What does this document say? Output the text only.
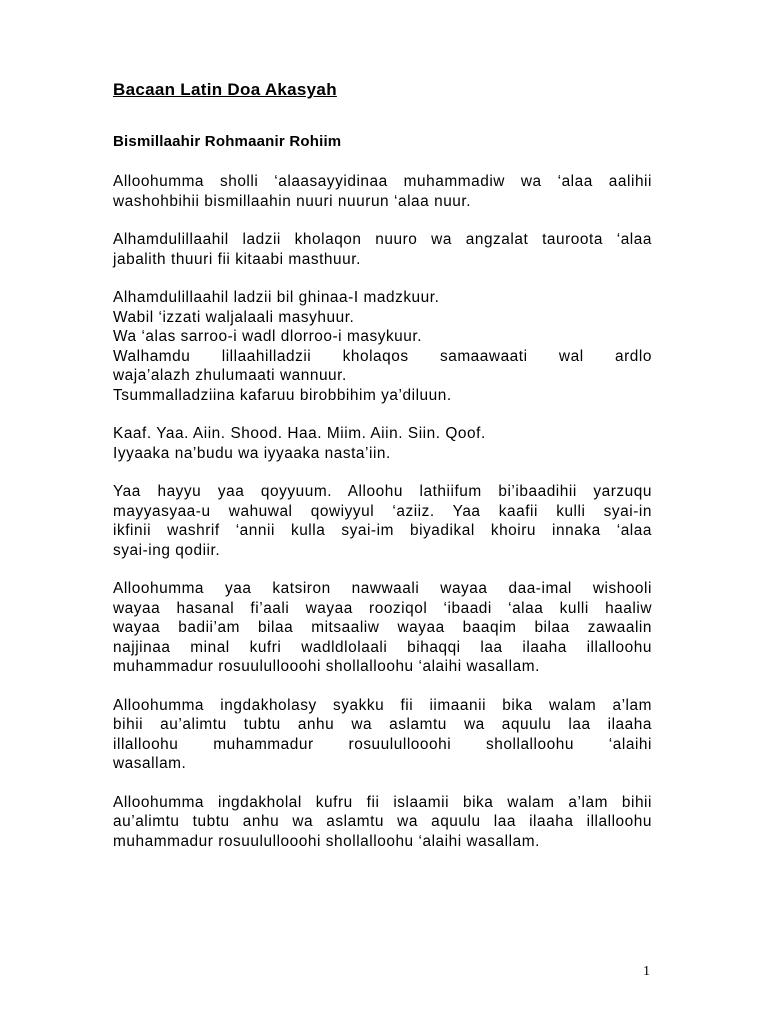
Bacaan Latin Doa Akasyah
Bismillaahir Rohmaanir Rohiim
Alloohumma sholli ‘alaasayyidinaa muhammadiw wa ‘alaa aalihii
washohbihii bismillaahin nuuri nuurun ‘alaa nuur.
Alhamdulillaahil ladzii kholaqon nuuro wa angzalat tauroota ‘alaa
jabalith thuuri fii kitaabi masthuur.
Alhamdulillaahil ladzii bil ghinaa-I madzkuur.
Wabil ‘izzati waljalaali masyhuur.
Wa ‘alas sarroo-i wadl dlorroo-i masykuur.
Walhamdu lillaahilladzii kholaqos samaawaati wal ardlo
waja’alazh zhulumaati wannuur.
Tsummalladziina kafaruu birobbihim ya’diluun.
Kaaf. Yaa. Aiin. Shood. Haa. Miim. Aiin. Siin. Qoof.
Iyyaaka na’budu wa iyyaaka nasta’iin.
Yaa hayyu yaa qoyyuum. Alloohu lathiifum bi’ibaadihii yarzuqu
mayyasyaa-u wahuwal qowiyyul ‘aziiz. Yaa kaafii kulli syai-in
ikfinii washrif ‘annii kulla syai-im biyadikal khoiru innaka ‘alaa
syai-ing qodiir.
Alloohumma yaa katsiron nawwaali wayaa daa-imal wishooli
wayaa hasanal fi’aali wayaa rooziqol ‘ibaadi ‘alaa kulli haaliw
wayaa badii’am bilaa mitsaaliw wayaa baaqim bilaa zawaalin
najjinaa minal kufri wadldlolaali bihaqqi laa ilaaha illalloohu
muhammadur rosuulullooohi shollalloohu ‘alaihi wasallam.
Alloohumma ingdakholasy syakku fii iimaanii bika walam a’lam
bihii au’alimtu tubtu anhu wa aslamtu wa aquulu laa ilaaha
illalloohu muhammadur rosuulullooohi shollalloohu ‘alaihi
wasallam.
Alloohumma ingdakholal kufru fii islaamii bika walam a’lam bihii
au’alimtu tubtu anhu wa aslamtu wa aquulu laa ilaaha illalloohu
muhammadur rosuulullooohi shollalloohu ‘alaihi wasallam.
1
